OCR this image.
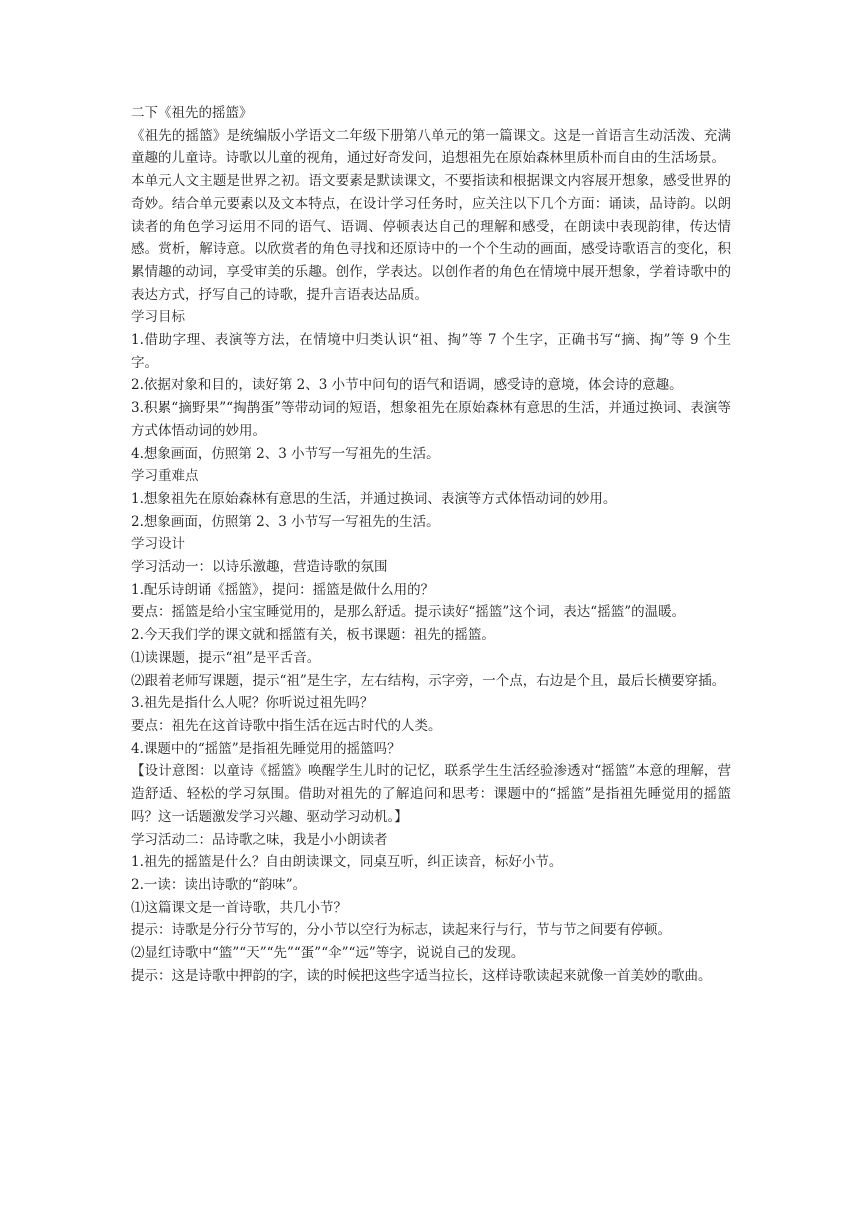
二下《祖先的摇篮》

《祖先的摇篮》是统编版小学语文二年级下册第八单元的第一篇课文。这是一首语言生动活泼、充满童趣的儿童诗。诗歌以儿童的视角，通过好奇发问，追想祖先在原始森林里质朴而自由的生活场景。

本单元人文主题是世界之初。语文要素是默读课文，不要指读和根据课文内容展开想象，感受世界的奇妙。结合单元要素以及文本特点，在设计学习任务时，应关注以下几个方面：诵读，品诗韵。以朗读者的角色学习运用不同的语气、语调、停顿表达自己的理解和感受，在朗读中表现韵律，传达情感。赏析，解诗意。以欣赏者的角色寻找和还原诗中的一个个生动的画面，感受诗歌语言的变化，积累情趣的动词，享受审美的乐趣。创作，学表达。以创作者的角色在情境中展开想象，学着诗歌中的表达方式，抒写自己的诗歌，提升言语表达品质。

学习目标

1.借助字理、表演等方法，在情境中归类认识“祖、掏”等 7 个生字，正确书写“摘、掏”等 9 个生字。

2.依据对象和目的，读好第 2、3 小节中问句的语气和语调，感受诗的意境，体会诗的意趣。

3.积累“摘野果”“掏鹊蛋”等带动词的短语，想象祖先在原始森林有意思的生活，并通过换词、表演等方式体悟动词的妙用。

4.想象画面，仿照第 2、3 小节写一写祖先的生活。

学习重难点

1.想象祖先在原始森林有意思的生活，并通过换词、表演等方式体悟动词的妙用。

2.想象画面，仿照第 2、3 小节写一写祖先的生活。

学习设计

学习活动一：以诗乐激趣，营造诗歌的氛围

1.配乐诗朗诵《摇篮》，提问：摇篮是做什么用的？

要点：摇篮是给小宝宝睡觉用的，是那么舒适。提示读好“摇篮”这个词，表达“摇篮”的温暖。

2.今天我们学的课文就和摇篮有关，板书课题：祖先的摇篮。

⑴读课题，提示“祖”是平舌音。

⑵跟着老师写课题，提示“祖”是生字，左右结构，示字旁，一个点，右边是个且，最后长横要穿插。

3.祖先是指什么人呢？你听说过祖先吗？

要点：祖先在这首诗歌中指生活在远古时代的人类。

4.课题中的“摇篮”是指祖先睡觉用的摇篮吗？

【设计意图：以童诗《摇篮》唤醒学生儿时的记忆，联系学生生活经验渗透对“摇篮”本意的理解，营造舒适、轻松的学习氛围。借助对祖先的了解追问和思考：课题中的“摇篮”是指祖先睡觉用的摇篮吗？这一话题激发学习兴趣、驱动学习动机。】

学习活动二：品诗歌之味，我是小小朗读者

1.祖先的摇篮是什么？自由朗读课文，同桌互听，纠正读音，标好小节。

2.一读：读出诗歌的“韵味”。

⑴这篇课文是一首诗歌，共几小节？

提示：诗歌是分行分节写的，分小节以空行为标志，读起来行与行，节与节之间要有停顿。

⑵显红诗歌中“篮”“天”“先”“蛋”“伞”“远”等字，说说自己的发现。

提示：这是诗歌中押韵的字，读的时候把这些字适当拉长，这样诗歌读起来就像一首美妙的歌曲。
